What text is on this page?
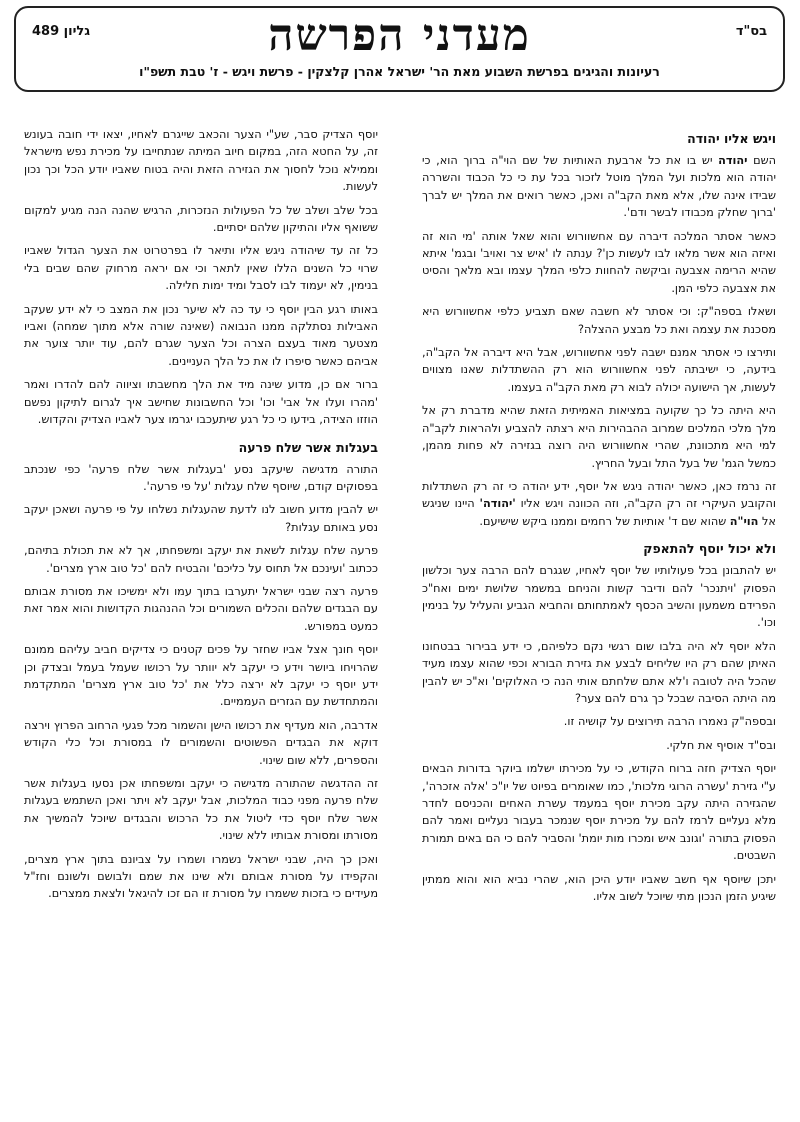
בס"ד
גליון 489	מעדני הפרשה
רעיונות והגיגים בפרשת השבוע מאת הר' ישראל אהרן קלצקין - פרשת ויגש - ז' טבת תשפ"ו
ויגש אליו יהודה

השם יהודה יש בו את כל ארבעת האותיות של שם הוי"ה ברוך הוא, כי יהודה הוא מלכות ועל המלך מוטל לזכור בכל עת כי כל הכבוד והשררה שבידו אינה שלו, אלא מאת הקב"ה ואכן, כאשר רואים את המלך יש לברך 'ברוך שחלק מכבודו לבשר ודם'.

כאשר אסתר המלכה דיברה עם אחשוורוש והוא שאל אותה 'מי הוא זה ואיזה הוא אשר מלאו לבו לעשות כן'? ענתה לו 'איש צר ואויב' ובגמ' איתא שהיא הרימה אצבעה וביקשה להחוות כלפי המלך עצמו ובא מלאך והסיט את אצבעה כלפי המן.

ושאלו בספה"ק: וכי אסתר לא חשבה שאם תצביע כלפי אחשוורוש היא מסכנת את עצמה ואת כל מבצע ההצלה?

ותירצו כי אסתר אמנם ישבה לפני אחשוורוש, אבל היא דיברה אל הקב"ה, בידעה, כי ישיבתה לפני אחשוורוש הוא רק ההשתדלות שאנו מצווים לעשות, אך הישועה יכולה לבוא רק מאת הקב"ה בעצמו.

היא היתה כל כך שקועה במציאות האמיתית הזאת שהיא מדברת רק אל מלך מלכי המלכים שמרוב ההבהירות היא רצתה להצביע ולהראות לקב"ה למי היא מתכוונת, שהרי אחשוורוש היה רוצה בגזירה לא פחות מהמן, כמשל הגמ' של בעל התל ובעל החריץ.

זה נרמז כאן, כאשר יהודה ניגש אל יוסף, ידע יהודה כי זה רק השתדלות והקובע העיקרי זה רק הקב"ה, וזה הכוונה ויגש אליו 'יהודה' היינו שניגש אל הוי"ה שהוא שם ד' אותיות של רחמים וממנו ביקש שישיעם.

ולא יכול יוסף להתאפק

יש להתבונן בכל פעולותיו של יוסף לאחיו, שגגרם להם הרבה צער וכלשון הפסוק 'ויתנכר' להם ודיבר קשות והניחם במשמר שלושת ימים ואח"כ הפרידם משמעון והשיב הכסף לאמתחותם והחביא הגביע והעליל על בנימין וכו'.

הלא יוסף לא היה בלבו שום רגשי נקם כלפיהם, כי ידע בבירור בבטחונו האיתן שהם רק היו שליחים לבצע את גזירת הבורא וכפי שהוא עצמו מעיד שהכל היה לטובה ו'לא אתם שלחתם אותי הנה כי האלוקים' וא"כ יש להבין מה היתה הסיבה שבכל כך גרם להם צער?

ובספה"ק נאמרו הרבה תירוצים על קושיה זו.

ובס"ד אוסיף את חלקי.

יוסף הצדיק חזה ברוח הקודש, כי על מכירתו ישלמו ביוקר בדורות הבאים ע"י גזירת 'עשרה הרוגי מלכות', כמו שאומרים בפיוט של יו"כ 'אלה אזכרה', שהגזירה היתה עקב מכירת יוסף במעמד עשרת האחים והכניסם לחדר מלא נעליים לרמז להם על מכירת יוסף שנמכר בעבור נעליים ואמר להם הפסוק בתורה 'וגונב איש ומכרו מות יומת' והסביר להם כי הם באים תמורת השבטים.

יתכן שיוסף אף חשב שאביו יודע היכן הוא, שהרי נביא הוא והוא ממתין שיגיע הזמן הנכון מתי שיוכל לשוב אליו.

יוסף הצדיק סבר, שע"י הצער והכאב שייגרם לאחיו, יצאו ידי חובה בעונש זה, על החטא הזה, במקום חיוב המיתה שנתחייבו על מכירת נפש מישראל וממילא נוכל לחסוך את הגזירה הזאת והיה בטוח שאביו יודע הכל וכך נכון לעשות.

בכל שלב ושלב של כל הפעולות הנזכרות, הרגיש שהנה הנה מגיע למקום ששואף אליו והתיקון שלהם יסתיים.

כל זה עד שיהודה ניגש אליו ותיאר לו בפרטרוט את הצער הגדול שאביו שרוי כל השנים הללו שאין לתאר וכי אם יראה מרחוק שהם שבים בלי בנימין, לא יעמוד לבו לסבל ומיד ימות חלילה.

באותו רגע הבין יוסף כי עד כה לא שיער נכון את המצב כי לא ידע שעקב האבילות נסתלקה ממנו הנבואה (שאינה שורה אלא מתוך שמחה) ואביו מצטער מאוד בעצם הצרה וכל הצער שגרם להם, עוד יותר צוער את אביהם כאשר סיפרו לו את כל הלך העניינים.

ברור אם כן, מדוע שינה מיד את הלך מחשבתו וציווה להם להדרו ואמר 'מהרו ועלו אל אבי' וכו' וכל החשבונות שחישב איך לגרום לתיקון נפשם הוזזו הצידה, בידעו כי כל רגע שיתעכבו יגרמו צער לאביו הצדיק והקדוש.

בעגלות אשר שלח פרעה

התורה מדגישה שיעקב נסע 'בעגלות אשר שלח פרעה' כפי שנכתב בפסוקים קודם, שיוסף שלח עגלות 'על פי פרעה'.

יש להבין מדוע חשוב לנו לדעת שהעגלות נשלחו על פי פרעה ושאכן יעקב נסע באותם עגלות?

פרעה שלח עגלות לשאת את יעקב ומשפחתו, אך לא את תכולת בתיהם, ככתוב 'ועינכם אל תחוס על כליכם' והבטיח להם 'כל טוב ארץ מצרים'.

פרעה רצה שבני ישראל יתערבו בתוך עמו ולא ימשיכו את מסורת אבותם עם הבגדים שלהם והכלים השמורים וכל ההנהגות הקדושות והוא אמר זאת כמעט במפורש.

יוסף חונך אצל אביו שחזר על פכים קטנים כי צדיקים חביב עליהם ממונם שהרויחו ביושר וידע כי יעקב לא יוותר על רכושו שעמל בעמל ובצדק וכן ידע יוסף כי יעקב לא ירצה כלל את 'כל טוב ארץ מצרים' המתקדמת והמתחדשת עם הגזרים העממיים.

אדרבה, הוא מעדיף את רכושו הישן והשמור מכל פגעי הרחוב הפרוץ וירצה דוקא את הבגדים הפשוטים והשמורים לו במסורת וכל כלי הקודש והספרים, ללא שום שינוי.

זה ההדגשה שהתורה מדגישה כי יעקב ומשפחתו אכן נסעו בעגלות אשר שלח פרעה מפני כבוד המלכות, אבל יעקב לא ויתר ואכן השתמש בעגלות אשר שלח יוסף כדי ליטול את כל הרכוש והבגדים שיוכל להמשיך את מסורתו ומסורת אבותיו ללא שינוי.

ואכן כך היה, שבני ישראל נשמרו ושמרו על צביונם בתוך ארץ מצרים, והקפידו על מסורת אבותם ולא שינו את שמם ולבושם ולשונם וחז"ל מעידים כי בזכות ששמרו על מסורת זו הם זכו להיגאל ולצאת ממצרים.
